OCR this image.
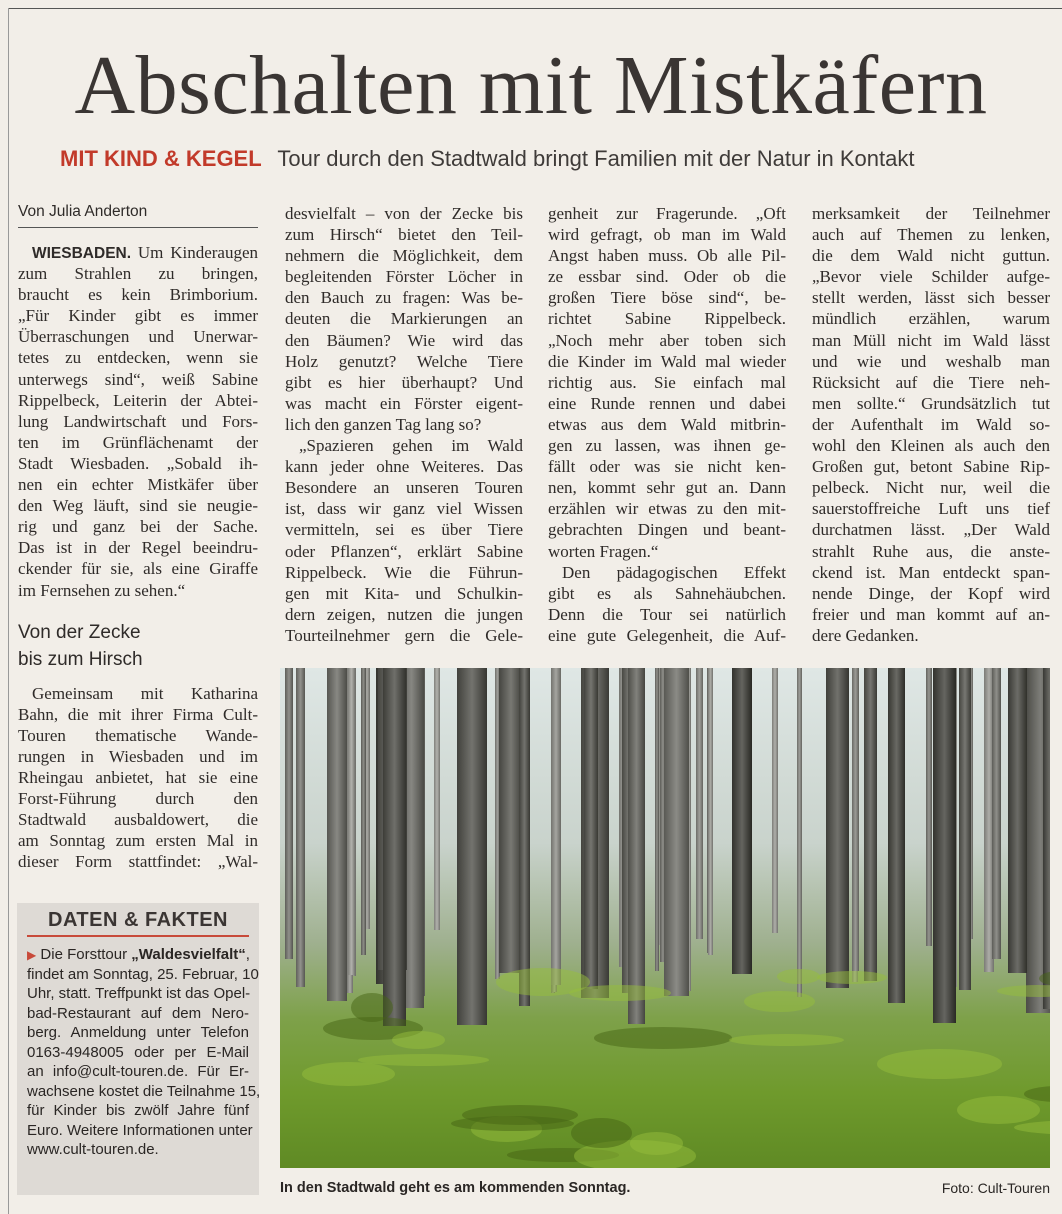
Abschalten mit Mistkäfern
MIT KIND & KEGEL Tour durch den Stadtwald bringt Familien mit der Natur in Kontakt
Von Julia Anderton
WIESBADEN. Um Kinderaugen
zum Strahlen zu bringen,
braucht es kein Brimborium.
„Für Kinder gibt es immer
Überraschungen und Unerwar-
tetes zu entdecken, wenn sie
unterwegs sind“, weiß Sabine
Rippelbeck, Leiterin der Abtei-
lung Landwirtschaft und Fors-
ten im Grünflächenamt der
Stadt Wiesbaden. „Sobald ih-
nen ein echter Mistkäfer über
den Weg läuft, sind sie neugie-
rig und ganz bei der Sache.
Das ist in der Regel beeindru-
ckender für sie, als eine Giraffe
im Fernsehen zu sehen.“
Von der Zecke
bis zum Hirsch
Gemeinsam mit Katharina
Bahn, die mit ihrer Firma Cult-
Touren thematische Wande-
rungen in Wiesbaden und im
Rheingau anbietet, hat sie eine
Forst-Führung durch den
Stadtwald ausbaldowert, die
am Sonntag zum ersten Mal in
dieser Form stattfindet: „Wal-
desvielfalt – von der Zecke bis
zum Hirsch“ bietet den Teil-
nehmern die Möglichkeit, dem
begleitenden Förster Löcher in
den Bauch zu fragen: Was be-
deuten die Markierungen an
den Bäumen? Wie wird das
Holz genutzt? Welche Tiere
gibt es hier überhaupt? Und
was macht ein Förster eigent-
lich den ganzen Tag lang so?
„Spazieren gehen im Wald
kann jeder ohne Weiteres. Das
Besondere an unseren Touren
ist, dass wir ganz viel Wissen
vermitteln, sei es über Tiere
oder Pflanzen“, erklärt Sabine
Rippelbeck. Wie die Führun-
gen mit Kita- und Schulkin-
dern zeigen, nutzen die jungen
Tourteilnehmer gern die Gele-
genheit zur Fragerunde. „Oft
wird gefragt, ob man im Wald
Angst haben muss. Ob alle Pil-
ze essbar sind. Oder ob die
großen Tiere böse sind“, be-
richtet Sabine Rippelbeck.
„Noch mehr aber toben sich
die Kinder im Wald mal wieder
richtig aus. Sie einfach mal
eine Runde rennen und dabei
etwas aus dem Wald mitbrin-
gen zu lassen, was ihnen ge-
fällt oder was sie nicht ken-
nen, kommt sehr gut an. Dann
erzählen wir etwas zu den mit-
gebrachten Dingen und beant-
worten Fragen.“
Den pädagogischen Effekt
gibt es als Sahnehäubchen.
Denn die Tour sei natürlich
eine gute Gelegenheit, die Auf-
merksamkeit der Teilnehmer
auch auf Themen zu lenken,
die dem Wald nicht guttun.
„Bevor viele Schilder aufge-
stellt werden, lässt sich besser
mündlich erzählen, warum
man Müll nicht im Wald lässt
und wie und weshalb man
Rücksicht auf die Tiere neh-
men sollte.“ Grundsätzlich tut
der Aufenthalt im Wald so-
wohl den Kleinen als auch den
Großen gut, betont Sabine Rip-
pelbeck. Nicht nur, weil die
sauerstoffreiche Luft uns tief
durchatmen lässt. „Der Wald
strahlt Ruhe aus, die anste-
ckend ist. Man entdeckt span-
nende Dinge, der Kopf wird
freier und man kommt auf an-
dere Gedanken.
DATEN & FAKTEN
▶ Die Forsttour „Waldesvielfalt“,
findet am Sonntag, 25. Februar, 10
Uhr, statt. Treffpunkt ist das Opel-
bad-Restaurant auf dem Nero-
berg. Anmeldung unter Telefon
0163-4948005 oder per E-Mail
an info@cult-touren.de. Für Er-
wachsene kostet die Teilnahme 15,
für Kinder bis zwölf Jahre fünf
Euro. Weitere Informationen unter
www.cult-touren.de.
In den Stadtwald geht es am kommenden Sonntag.	Foto: Cult-Touren
